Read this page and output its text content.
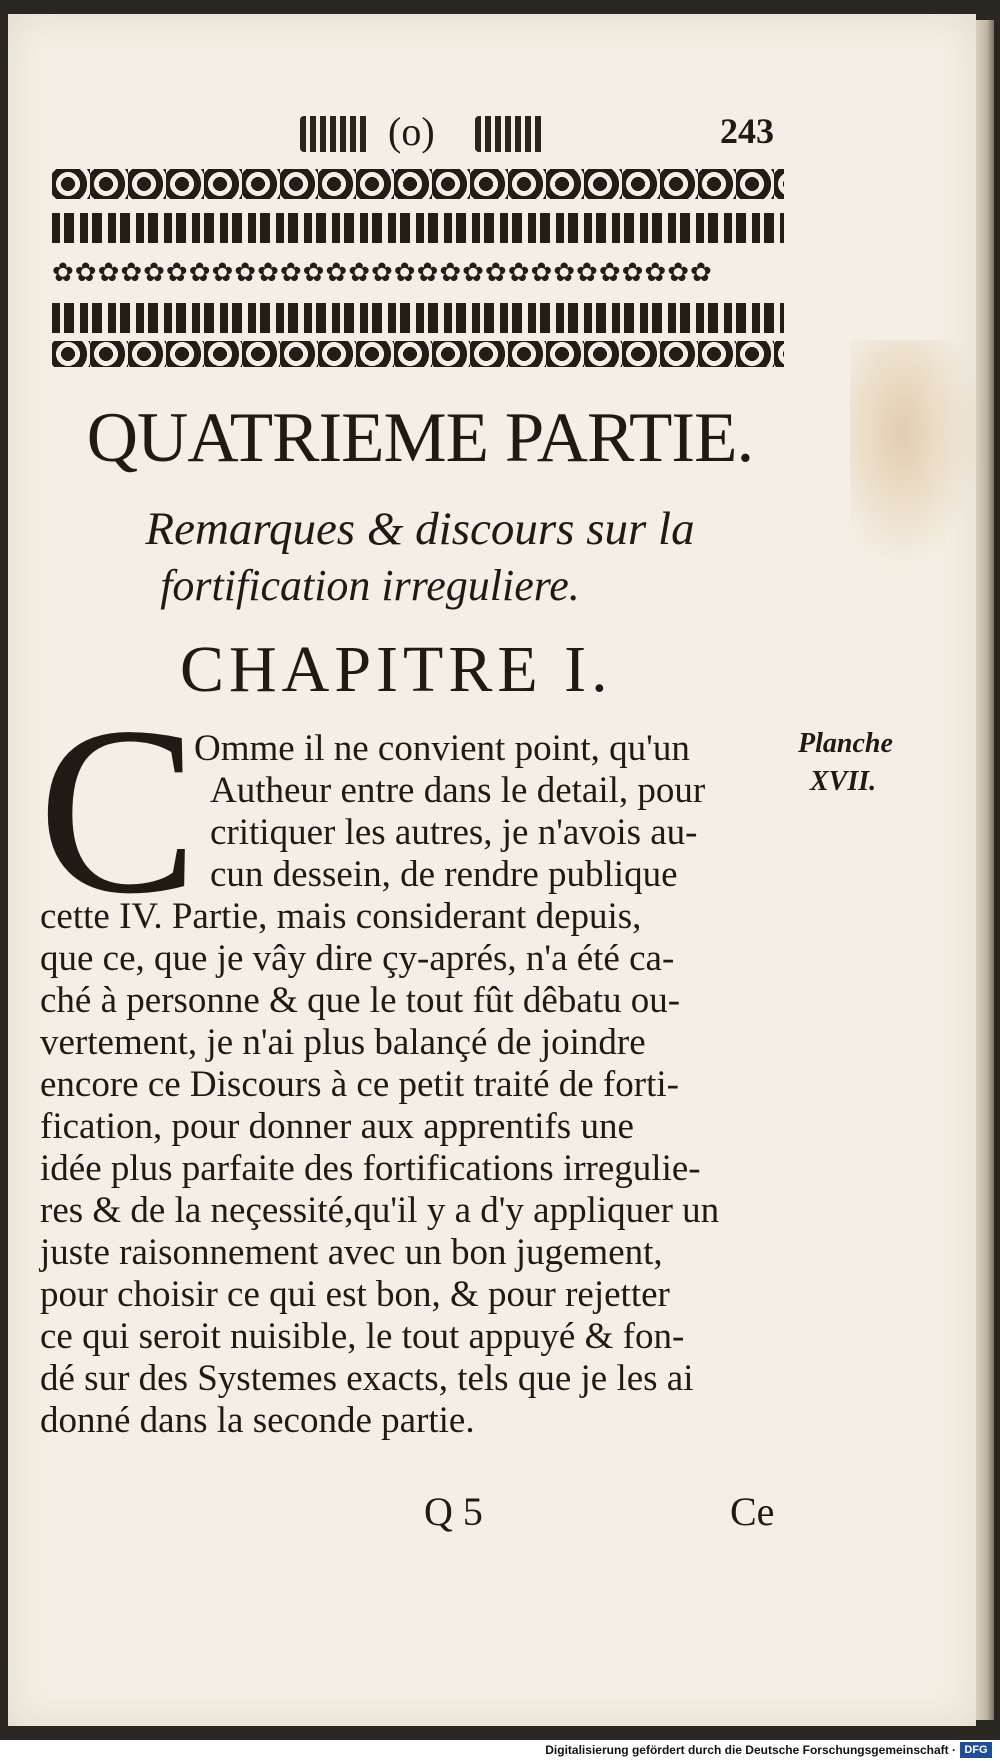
(o)	243
✿✿✿✿✿✿✿✿✿✿✿✿✿✿✿✿✿✿✿✿✿✿✿✿✿✿✿✿✿
QUATRIEME PARTIE.
Remarques & discours sur la
fortification irreguliere.
CHAPITRE I.
C
Omme il ne convient point, qu'un
Autheur entre dans le detail, pour
critiquer les autres, je n'avois au-
cun dessein, de rendre publique
cette IV. Partie, mais considerant depuis,
que ce, que je vây dire çy-aprés, n'a été ca-
ché à personne & que le tout fût dêbatu ou-
vertement, je n'ai plus balançé de joindre
encore ce Discours à ce petit traité de forti-
fication, pour donner aux apprentifs une
idée plus parfaite des fortifications irregulie-
res & de la neçessité,qu'il y a d'y appliquer un
juste raisonnement avec un bon jugement,
pour choisir ce qui est bon, & pour rejetter
ce qui seroit nuisible, le tout appuyé & fon-
dé sur des Systemes exacts, tels que je les ai
donné dans la seconde partie.
Planche
XVII.
Q 5	Ce
Digitalisierung gefördert durch die Deutsche Forschungsgemeinschaft · DFG
